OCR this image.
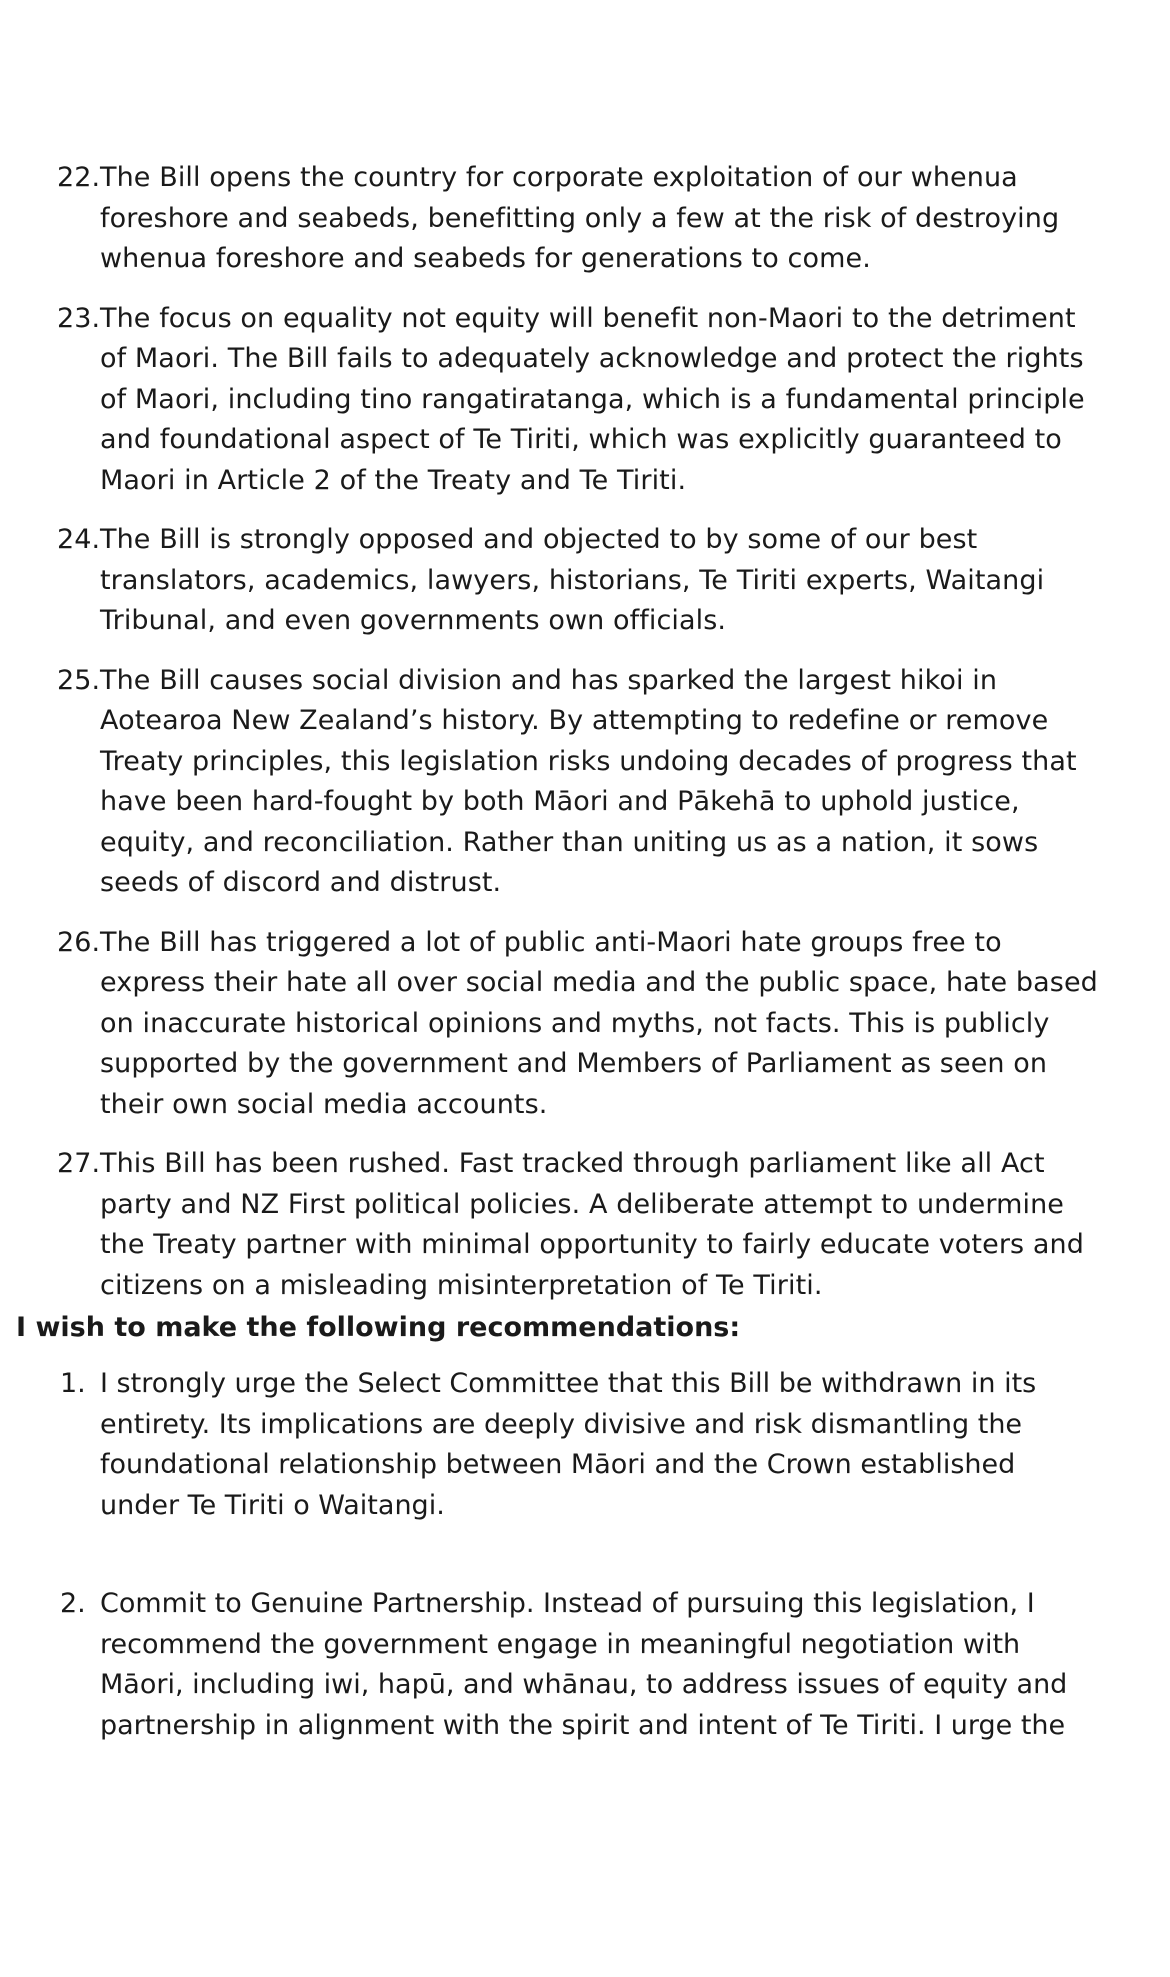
22. The Bill opens the country for corporate exploitation of our whenua foreshore and seabeds, benefitting only a few at the risk of destroying whenua foreshore and seabeds for generations to come.
23. The focus on equality not equity will benefit non-Maori to the detriment of Maori. The Bill fails to adequately acknowledge and protect the rights of Maori, including tino rangatiratanga, which is a fundamental principle and foundational aspect of Te Tiriti, which was explicitly guaranteed to Maori in Article 2 of the Treaty and Te Tiriti.
24. The Bill is strongly opposed and objected to by some of our best translators, academics, lawyers, historians, Te Tiriti experts, Waitangi Tribunal, and even governments own officials.
25. The Bill causes social division and has sparked the largest hikoi in Aotearoa New Zealand’s history. By attempting to redefine or remove Treaty principles, this legislation risks undoing decades of progress that have been hard-fought by both Māori and Pākehā to uphold justice, equity, and reconciliation. Rather than uniting us as a nation, it sows seeds of discord and distrust.
26. The Bill has triggered a lot of public anti-Maori hate groups free to express their hate all over social media and the public space, hate based on inaccurate historical opinions and myths, not facts. This is publicly supported by the government and Members of Parliament as seen on their own social media accounts.
27. This Bill has been rushed. Fast tracked through parliament like all Act party and NZ First political policies. A deliberate attempt to undermine the Treaty partner with minimal opportunity to fairly educate voters and citizens on a misleading misinterpretation of Te Tiriti.
I wish to make the following recommendations:
1. I strongly urge the Select Committee that this Bill be withdrawn in its entirety. Its implications are deeply divisive and risk dismantling the foundational relationship between Māori and the Crown established under Te Tiriti o Waitangi.
2. Commit to Genuine Partnership. Instead of pursuing this legislation, I recommend the government engage in meaningful negotiation with Māori, including iwi, hapū, and whānau, to address issues of equity and partnership in alignment with the spirit and intent of Te Tiriti. I urge the
